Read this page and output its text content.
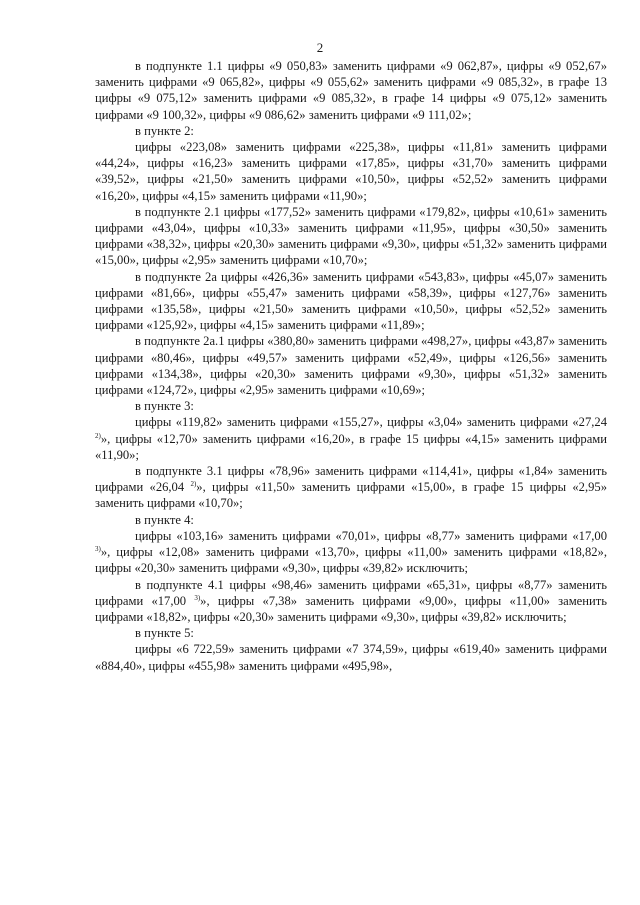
2

в подпункте 1.1 цифры «9 050,83» заменить цифрами «9 062,87», цифры «9 052,67» заменить цифрами «9 065,82», цифры «9 055,62» заменить цифрами «9 085,32», в графе 13 цифры «9 075,12» заменить цифрами «9 085,32», в графе 14 цифры «9 075,12» заменить цифрами «9 100,32», цифры «9 086,62» заменить цифрами «9 111,02»;

в пункте 2:

цифры «223,08» заменить цифрами «225,38», цифры «11,81» заменить цифрами «44,24», цифры «16,23» заменить цифрами «17,85», цифры «31,70» заменить цифрами «39,52», цифры «21,50» заменить цифрами «10,50», цифры «52,52» заменить цифрами «16,20», цифры «4,15» заменить цифрами «11,90»;

в подпункте 2.1 цифры «177,52» заменить цифрами «179,82», цифры «10,61» заменить цифрами «43,04», цифры «10,33» заменить цифрами «11,95», цифры «30,50» заменить цифрами «38,32», цифры «20,30» заменить цифрами «9,30», цифры «51,32» заменить цифрами «15,00», цифры «2,95» заменить цифрами «10,70»;

в подпункте 2а цифры «426,36» заменить цифрами «543,83», цифры «45,07» заменить цифрами «81,66», цифры «55,47» заменить цифрами «58,39», цифры «127,76» заменить цифрами «135,58», цифры «21,50» заменить цифрами «10,50», цифры «52,52» заменить цифрами «125,92», цифры «4,15» заменить цифрами «11,89»;

в подпункте 2а.1 цифры «380,80» заменить цифрами «498,27», цифры «43,87» заменить цифрами «80,46», цифры «49,57» заменить цифрами «52,49», цифры «126,56» заменить цифрами «134,38», цифры «20,30» заменить цифрами «9,30», цифры «51,32» заменить цифрами «124,72», цифры «2,95» заменить цифрами «10,69»;

в пункте 3:

цифры «119,82» заменить цифрами «155,27», цифры «3,04» заменить цифрами «27,24 $^{2)}$», цифры «12,70» заменить цифрами «16,20», в графе 15 цифры «4,15» заменить цифрами «11,90»;

в подпункте 3.1 цифры «78,96» заменить цифрами «114,41», цифры «1,84» заменить цифрами «26,04 $^{2)}$», цифры «11,50» заменить цифрами «15,00», в графе 15 цифры «2,95» заменить цифрами «10,70»;

в пункте 4:

цифры «103,16» заменить цифрами «70,01», цифры «8,77» заменить цифрами «17,00 $^{3)}$», цифры «12,08» заменить цифрами «13,70», цифры «11,00» заменить цифрами «18,82», цифры «20,30» заменить цифрами «9,30», цифры «39,82» исключить;

в подпункте 4.1 цифры «98,46» заменить цифрами «65,31», цифры «8,77» заменить цифрами «17,00 $^{3)}$», цифры «7,38» заменить цифрами «9,00», цифры «11,00» заменить цифрами «18,82», цифры «20,30» заменить цифрами «9,30», цифры «39,82» исключить;

в пункте 5:

цифры «6 722,59» заменить цифрами «7 374,59», цифры «619,40» заменить цифрами «884,40», цифры «455,98» заменить цифрами «495,98»,
